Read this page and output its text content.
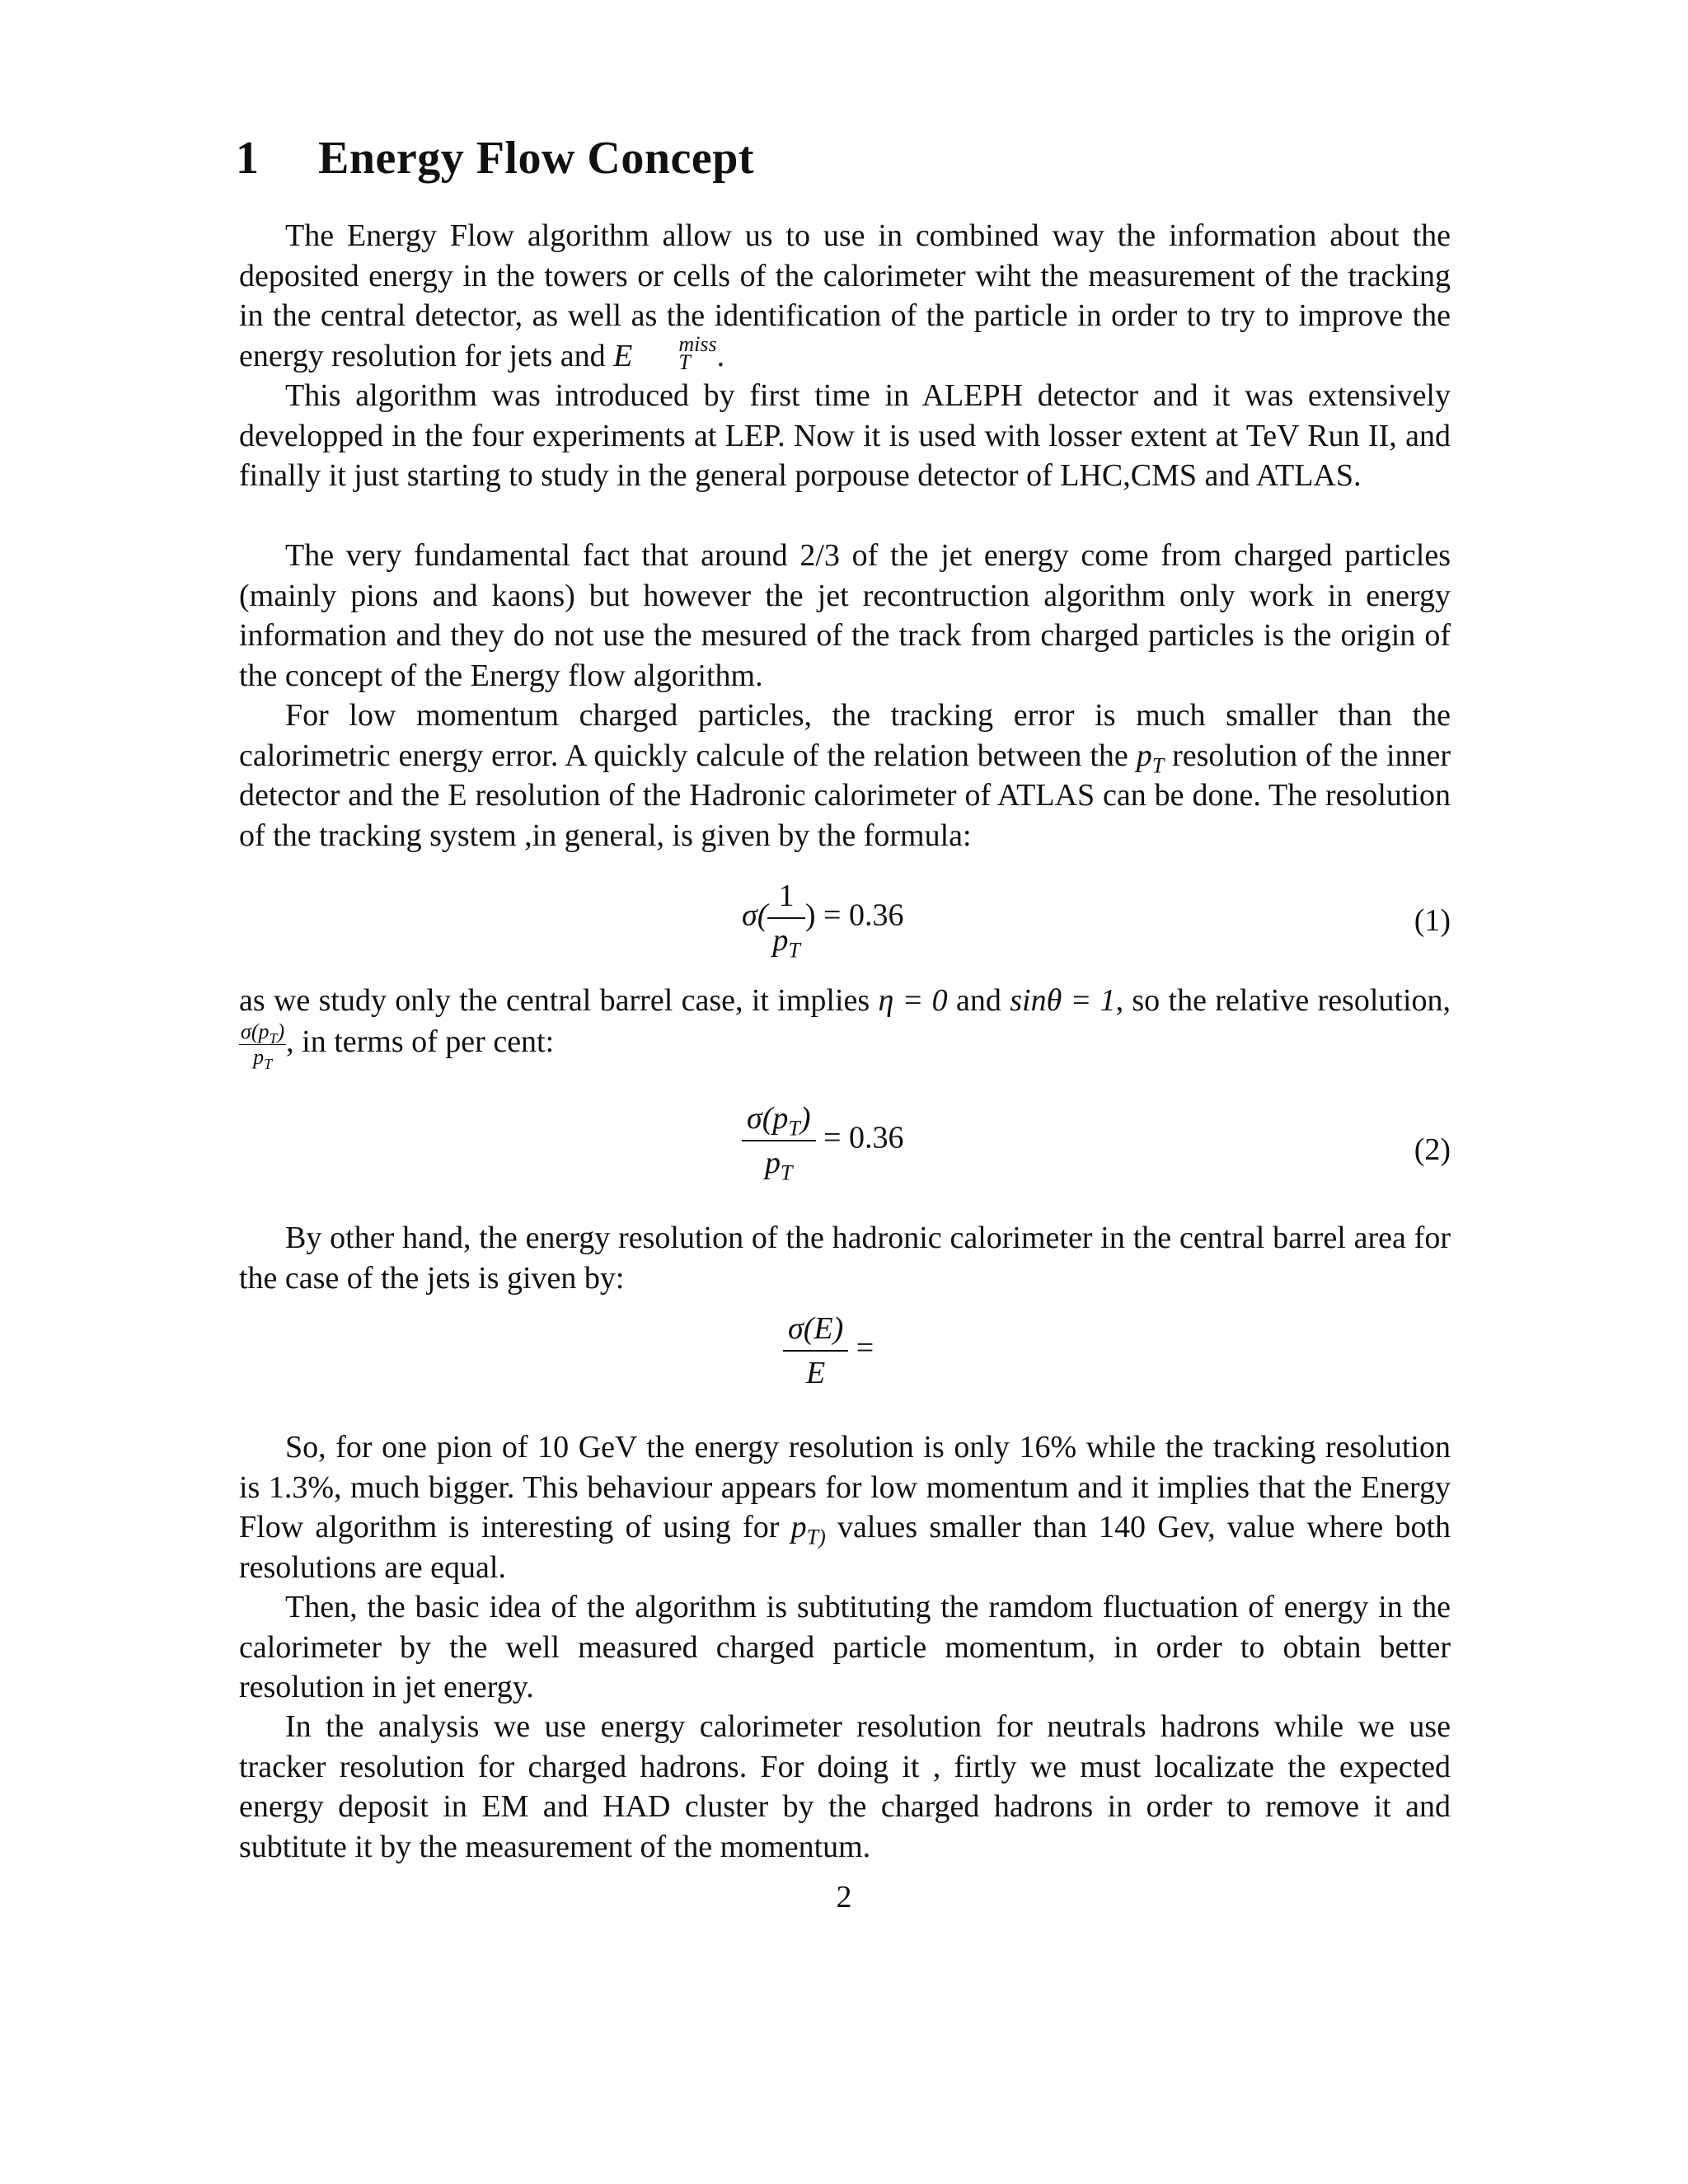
1 Energy Flow Concept
The Energy Flow algorithm allow us to use in combined way the information about the deposited energy in the towers or cells of the calorimeter wiht the measurement of the tracking in the central detector, as well as the identification of the particle in order to try to improve the energy resolution for jets and E	miss
T .
This algorithm was introduced by first time in ALEPH detector and it was extensively developped in the four experiments at LEP. Now it is used with losser extent at TeV Run II, and finally it just starting to study in the general porpouse detector of LHC,CMS and ATLAS.
The very fundamental fact that around 2/3 of the jet energy come from charged particles (mainly pions and kaons) but however the jet recontruction algorithm only work in energy information and they do not use the mesured of the track from charged particles is the origin of the concept of the Energy flow algorithm.
For low momentum charged particles, the tracking error is much smaller than the calorimetric energy error. A quickly calcule of the relation between the $p_T$ resolution of the inner detector and the E resolution of the Hadronic calorimeter of ATLAS can be done. The resolution of the tracking system ,in general, is given by the formula:
$\sigma( \frac{1}{p_T}$ ) = 0.36	(1)
as we study only the central barrel case, it implies η = 0 and sinθ = 1, so the relative resolution,
$\frac{\sigma(p_T)}{p_T}$ , in terms of per cent:
$\frac{\sigma(p_T)}{p_T} = 0.36$	(2)
By other hand, the energy resolution of the hadronic calorimeter in the central barrel area for the case of the jets is given by:
$\frac{\sigma(E)}{E}$ =
So, for one pion of 10 GeV the energy resolution is only 16% while the tracking resolution is 1.3%, much bigger. This behaviour appears for low momentum and it implies that the Energy Flow algorithm is interesting of using for $p_{T)}$ values smaller than 140 Gev, value where both resolutions are equal.
Then, the basic idea of the algorithm is subtituting the ramdom fluctuation of energy in the calorimeter by the well measured charged particle momentum, in order to obtain better resolution in jet energy.
In the analysis we use energy calorimeter resolution for neutrals hadrons while we use tracker resolution for charged hadrons. For doing it , firtly we must localizate the expected energy deposit in EM and HAD cluster by the charged hadrons in order to remove it and subtitute it by the measurement of the momentum.
2
